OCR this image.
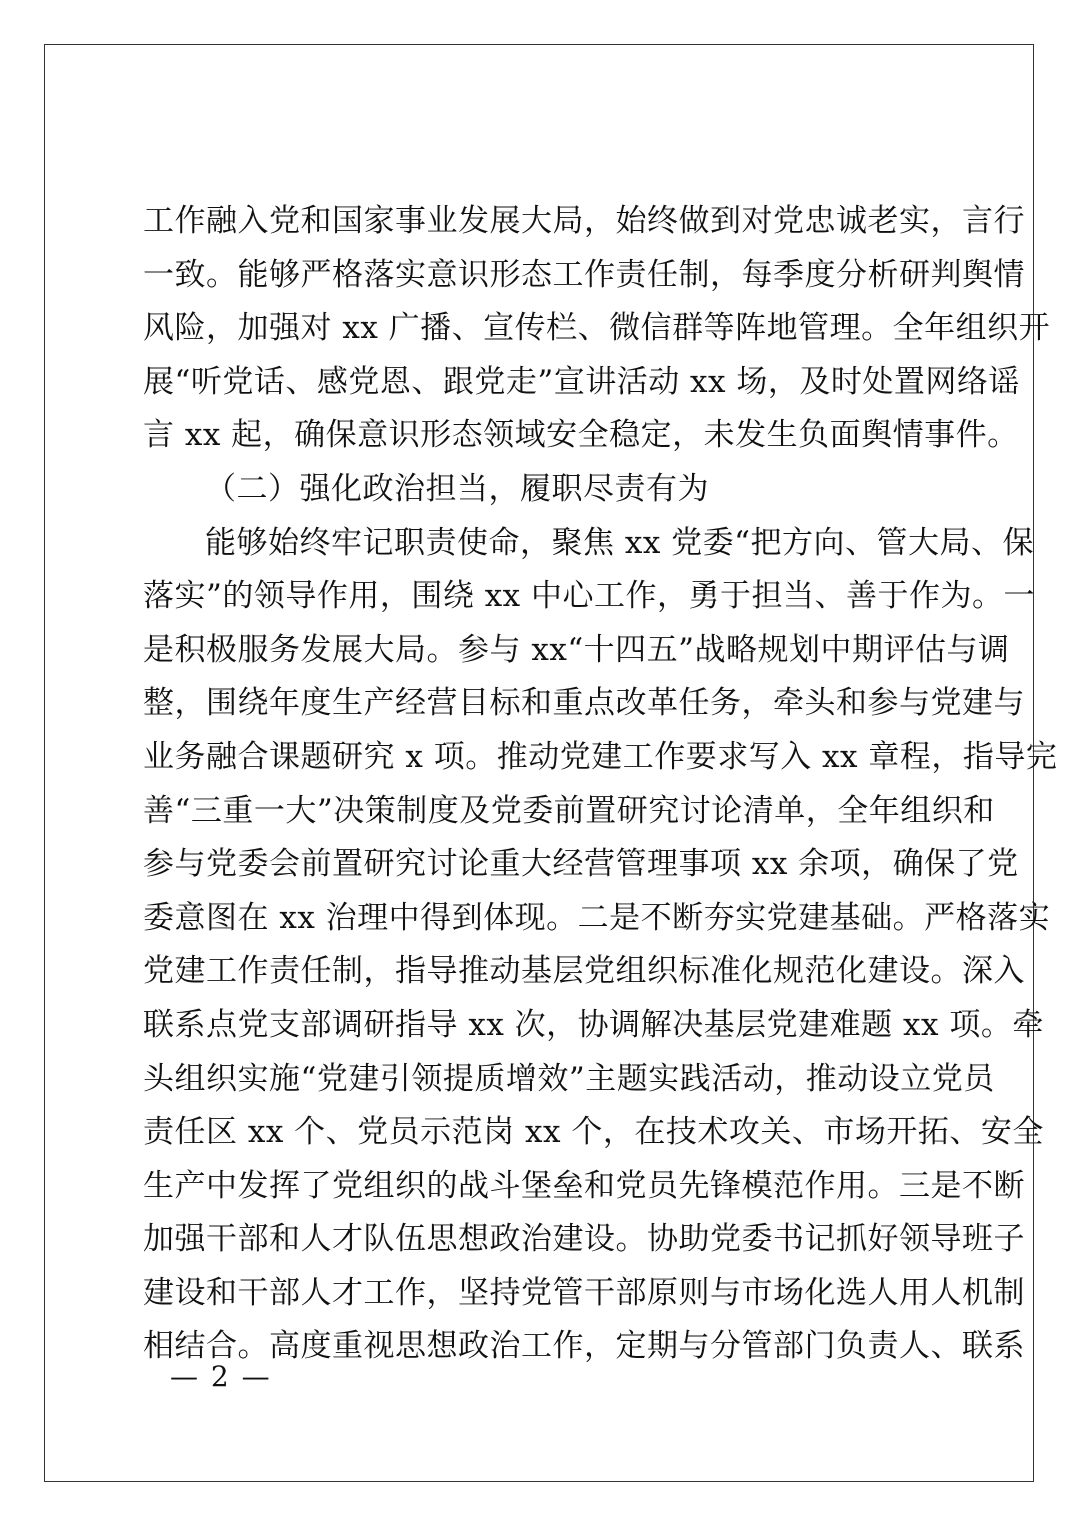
工作融入党和国家事业发展大局，始终做到对党忠诚老实，言行
一致。能够严格落实意识形态工作责任制，每季度分析研判舆情
风险，加强对 xx 广播、宣传栏、微信群等阵地管理。全年组织开
展“听党话、感党恩、跟党走”宣讲活动 xx 场，及时处置网络谣
言 xx 起，确保意识形态领域安全稳定，未发生负面舆情事件。
（二）强化政治担当，履职尽责有为
能够始终牢记职责使命，聚焦 xx 党委“把方向、管大局、保
落实”的领导作用，围绕 xx 中心工作，勇于担当、善于作为。一
是积极服务发展大局。参与 xx“十四五”战略规划中期评估与调
整，围绕年度生产经营目标和重点改革任务，牵头和参与党建与
业务融合课题研究 x 项。推动党建工作要求写入 xx 章程，指导完
善“三重一大”决策制度及党委前置研究讨论清单，全年组织和
参与党委会前置研究讨论重大经营管理事项 xx 余项，确保了党
委意图在 xx 治理中得到体现。二是不断夯实党建基础。严格落实
党建工作责任制，指导推动基层党组织标准化规范化建设。深入
联系点党支部调研指导 xx 次，协调解决基层党建难题 xx 项。牵
头组织实施“党建引领提质增效”主题实践活动，推动设立党员
责任区 xx 个、党员示范岗 xx 个，在技术攻关、市场开拓、安全
生产中发挥了党组织的战斗堡垒和党员先锋模范作用。三是不断
加强干部和人才队伍思想政治建设。协助党委书记抓好领导班子
建设和干部人才工作，坚持党管干部原则与市场化选人用人机制
相结合。高度重视思想政治工作，定期与分管部门负责人、联系
— 2 —
